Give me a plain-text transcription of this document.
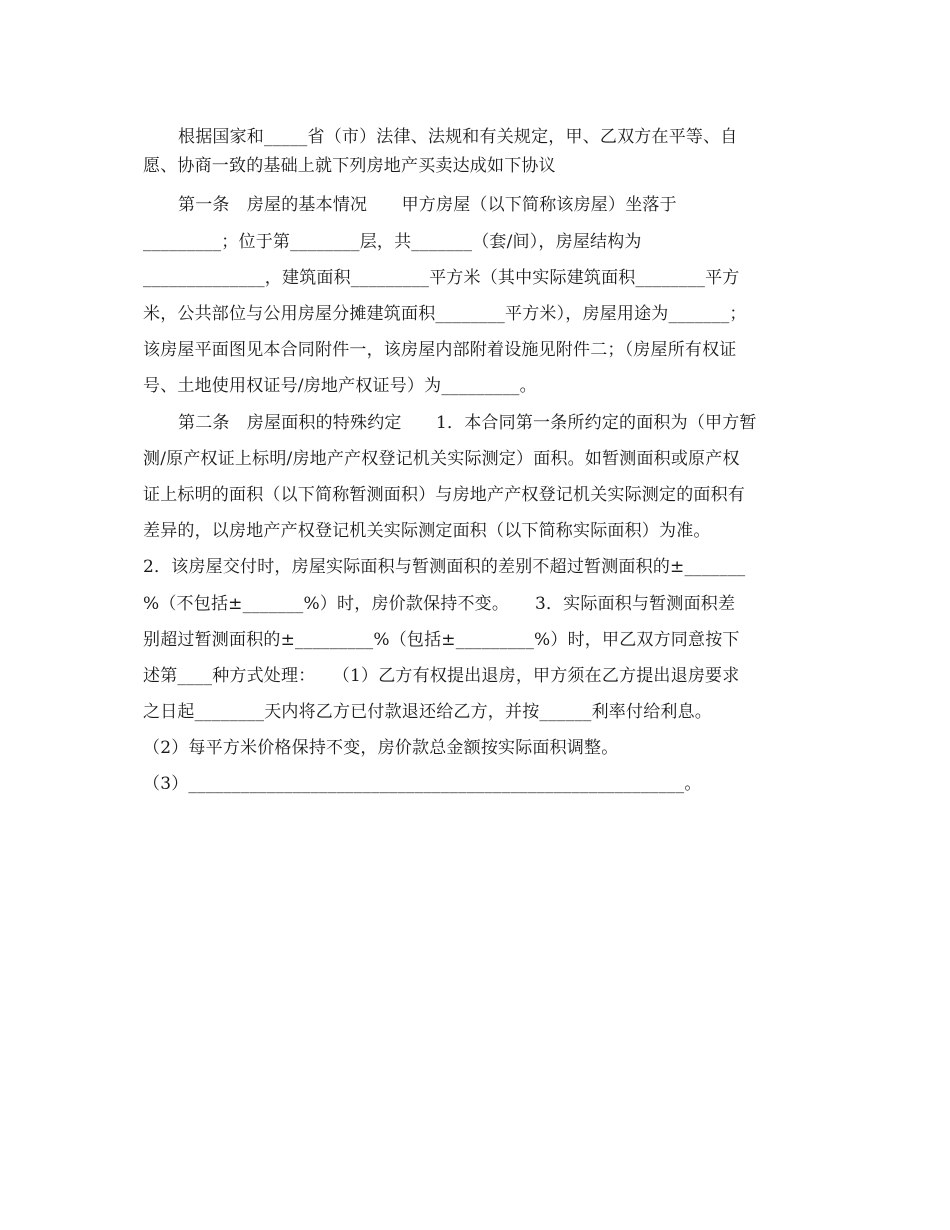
根据国家和_____省（市）法律、法规和有关规定，甲、乙双方在平等、自
愿、协商一致的基础上就下列房地产买卖达成如下协议
第一条　房屋的基本情况　　甲方房屋（以下简称该房屋）坐落于
_________；位于第________层，共_______（套/间），房屋结构为
______________，建筑面积_________平方米（其中实际建筑面积________平方
米，公共部位与公用房屋分摊建筑面积________平方米），房屋用途为_______；
该房屋平面图见本合同附件一，该房屋内部附着设施见附件二；（房屋所有权证
号、土地使用权证号/房地产权证号）为_________。
第二条　房屋面积的特殊约定　　1．本合同第一条所约定的面积为（甲方暂
测/原产权证上标明/房地产产权登记机关实际测定）面积。如暂测面积或原产权
证上标明的面积（以下简称暂测面积）与房地产产权登记机关实际测定的面积有
差异的，以房地产产权登记机关实际测定面积（以下简称实际面积）为准。
2．该房屋交付时，房屋实际面积与暂测面积的差别不超过暂测面积的±_______
%（不包括±_______%）时，房价款保持不变。　　3．实际面积与暂测面积差
别超过暂测面积的±_________%（包括±_________%）时，甲乙双方同意按下
述第____种方式处理：　　（1）乙方有权提出退房，甲方须在乙方提出退房要求
之日起________天内将乙方已付款退还给乙方，并按______利率付给利息。
（2）每平方米价格保持不变，房价款总金额按实际面积调整。
（3）_________________________________________________________。
